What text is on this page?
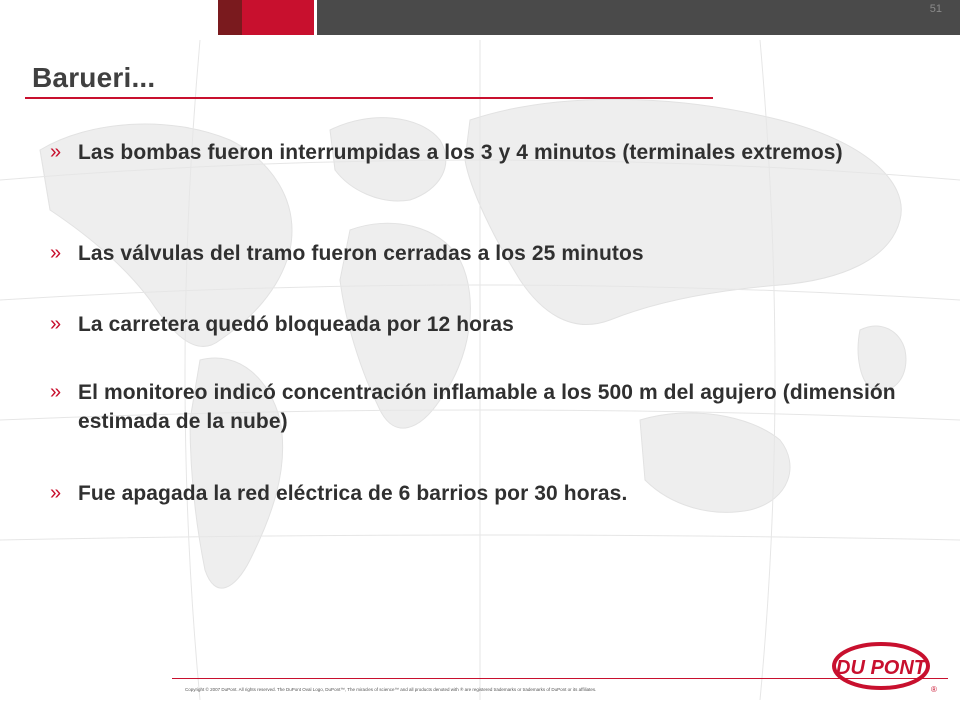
51
Barueri...
» Las bombas fueron interrumpidas a los 3 y 4 minutos (terminales extremos)
» Las válvulas del tramo fueron cerradas a los 25 minutos
» La carretera quedó bloqueada por 12 horas
» El monitoreo indicó concentración inflamable a los 500 m del agujero (dimensión estimada de la nube)
» Fue apagada la red eléctrica de 6 barrios por 30 horas.
Copyright © 2007 DuPont. All rights reserved. The DuPont Oval Logo, DuPont™, The miracles of science™ and all products denoted with ® are registered trademarks or trademarks of DuPont or its affiliates.
DU PONT
®
